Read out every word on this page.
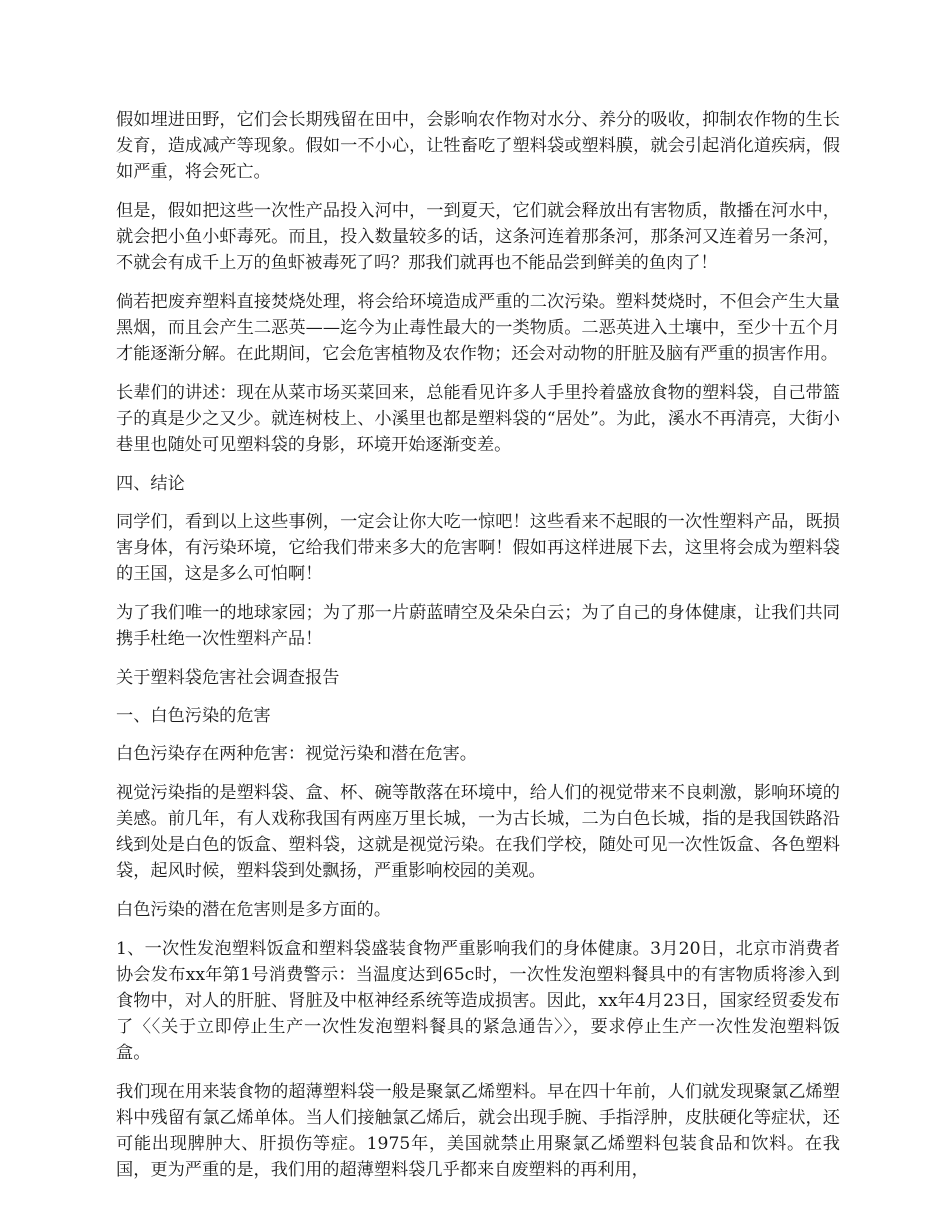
假如埋进田野，它们会长期残留在田中，会影响农作物对水分、养分的吸收，抑制农作物的生长发育，造成减产等现象。假如一不小心，让牲畜吃了塑料袋或塑料膜，就会引起消化道疾病，假如严重，将会死亡。

但是，假如把这些一次性产品投入河中，一到夏天，它们就会释放出有害物质，散播在河水中，就会把小鱼小虾毒死。而且，投入数量较多的话，这条河连着那条河，那条河又连着另一条河，不就会有成千上万的鱼虾被毒死了吗？那我们就再也不能品尝到鲜美的鱼肉了！

倘若把废弃塑料直接焚烧处理，将会给环境造成严重的二次污染。塑料焚烧时，不但会产生大量黑烟，而且会产生二恶英——迄今为止毒性最大的一类物质。二恶英进入土壤中，至少十五个月才能逐渐分解。在此期间，它会危害植物及农作物；还会对动物的肝脏及脑有严重的损害作用。

长辈们的讲述：现在从菜市场买菜回来，总能看见许多人手里拎着盛放食物的塑料袋，自己带篮子的真是少之又少。就连树枝上、小溪里也都是塑料袋的“居处”。为此，溪水不再清亮，大街小巷里也随处可见塑料袋的身影，环境开始逐渐变差。

四、结论

同学们，看到以上这些事例，一定会让你大吃一惊吧！这些看来不起眼的一次性塑料产品，既损害身体，有污染环境，它给我们带来多大的危害啊！假如再这样进展下去，这里将会成为塑料袋的王国，这是多么可怕啊！

为了我们唯一的地球家园；为了那一片蔚蓝晴空及朵朵白云；为了自己的身体健康，让我们共同携手杜绝一次性塑料产品！

关于塑料袋危害社会调查报告

一、白色污染的危害

白色污染存在两种危害：视觉污染和潜在危害。

视觉污染指的是塑料袋、盒、杯、碗等散落在环境中，给人们的视觉带来不良刺激，影响环境的美感。前几年，有人戏称我国有两座万里长城，一为古长城，二为白色长城，指的是我国铁路沿线到处是白色的饭盒、塑料袋，这就是视觉污染。在我们学校，随处可见一次性饭盒、各色塑料袋，起风时候，塑料袋到处飘扬，严重影响校园的美观。

白色污染的潜在危害则是多方面的。

1、一次性发泡塑料饭盒和塑料袋盛装食物严重影响我们的身体健康。3月20日，北京市消费者协会发布xx年第1号消费警示：当温度达到65c时，一次性发泡塑料餐具中的有害物质将渗入到食物中，对人的肝脏、肾脏及中枢神经系统等造成损害。因此，xx年4月23日，国家经贸委发布了〈〈关于立即停止生产一次性发泡塑料餐具的紧急通告〉〉，要求停止生产一次性发泡塑料饭盒。

我们现在用来装食物的超薄塑料袋一般是聚氯乙烯塑料。早在四十年前，人们就发现聚氯乙烯塑料中残留有氯乙烯单体。当人们接触氯乙烯后，就会出现手腕、手指浮肿，皮肤硬化等症状，还可能出现脾肿大、肝损伤等症。1975年，美国就禁止用聚氯乙烯塑料包装食品和饮料。在我国，更为严重的是，我们用的超薄塑料袋几乎都来自废塑料的再利用，
